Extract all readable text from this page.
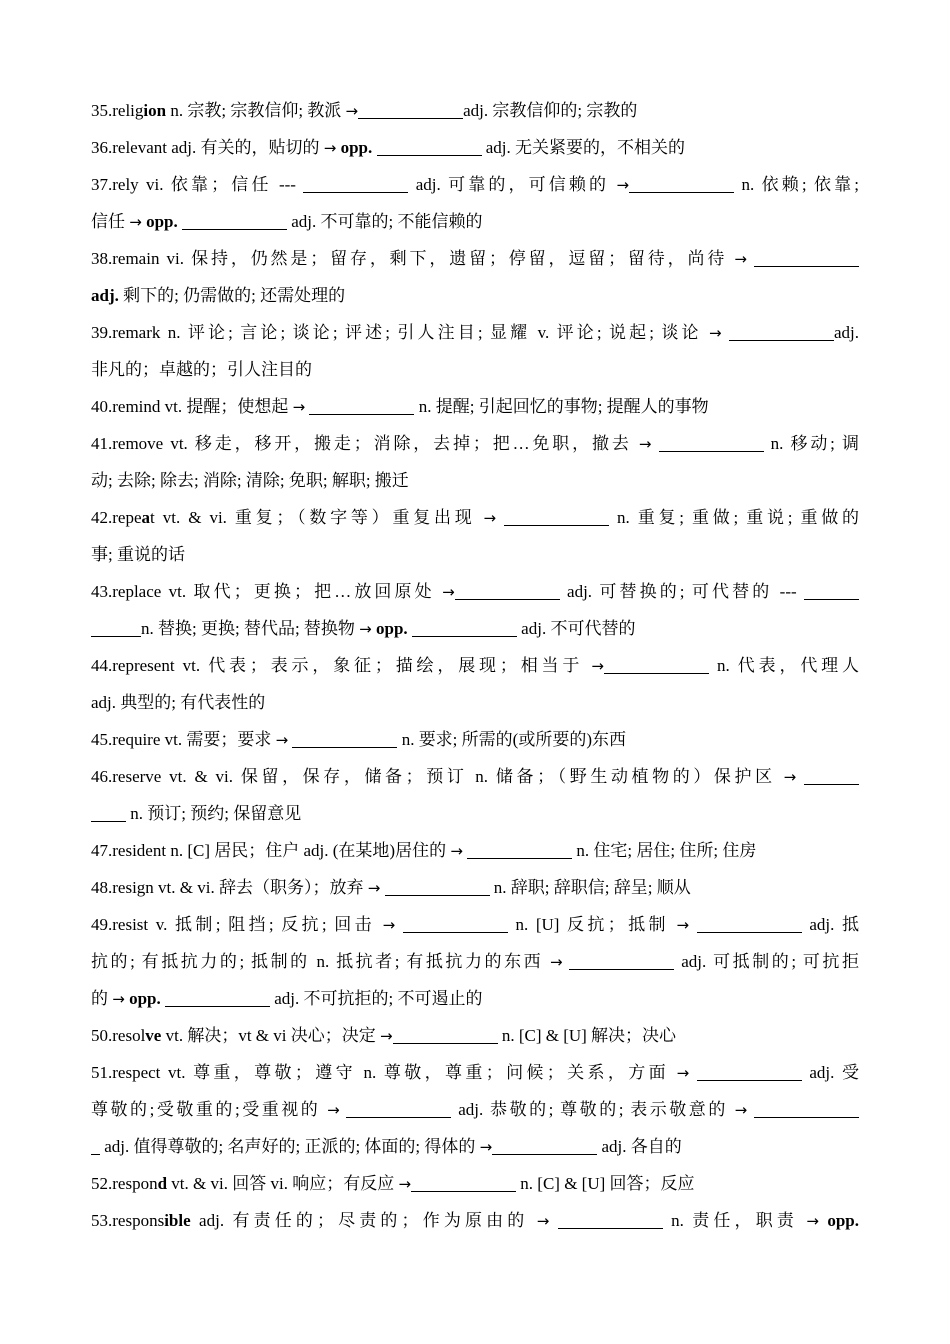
35.religion n. 宗教; 宗教信仰; 教派 →	adj. 宗教信仰的; 宗教的
36.relevant adj. 有关的，贴切的 → opp.	adj. 无关紧要的，不相关的
37.rely vi. 依靠；信任 ---	adj. 可靠的，可信赖的 →	n. 依赖; 依靠;
信任 → opp.	adj. 不可靠的; 不能信赖的
38.remain vi. 保持，仍然是；留存，剩下，遗留；停留，逗留；留待，尚待 →
adj. 剩下的; 仍需做的; 还需处理的
39.remark n. 评论; 言论; 谈论; 评述; 引人注目; 显耀 v. 评论; 说起; 谈论 →	adj.
非凡的；卓越的；引人注目的
40.remind vt. 提醒；使想起 →	n. 提醒; 引起回忆的事物; 提醒人的事物
41.remove vt. 移走，移开，搬走；消除，去掉；把…免职，撤去 →	n. 移动; 调
动; 去除; 除去; 消除; 清除; 免职; 解职; 搬迁
42.repeat vt. & vi. 重复；（数字等）重复出现 →	n. 重复; 重做; 重说; 重做的
事; 重说的话
43.replace vt. 取代；更换；把…放回原处 →	adj. 可替换的; 可代替的 ---
n. 替换; 更换; 替代品; 替换物 → opp.	adj. 不可代替的
44.represent vt. 代表；表示，象征；描绘，展现；相当于 →	n. 代表，代理人
adj. 典型的; 有代表性的
45.require vt. 需要；要求 →	n. 要求; 所需的(或所要的)东西
46.reserve vt. & vi. 保留，保存，储备；预订 n. 储备；（野生动植物的）保护区 →
n. 预订; 预约; 保留意见
47.resident n. [C] 居民；住户 adj. (在某地)居住的 →	n. 住宅; 居住; 住所; 住房
48.resign vt. & vi. 辞去（职务）；放弃 →	n. 辞职; 辞职信; 辞呈; 顺从
49.resist v. 抵制; 阻挡; 反抗; 回击 →	n. [U] 反抗；抵制 →	adj. 抵
抗的; 有抵抗力的; 抵制的 n. 抵抗者; 有抵抗力的东西 →	adj. 可抵制的; 可抗拒
的 → opp.	adj. 不可抗拒的; 不可遏止的
50.resolve vt. 解决；vt & vi 决心；决定 →	n. [C] & [U] 解决；决心
51.respect vt. 尊重，尊敬；遵守 n. 尊敬，尊重；问候；关系，方面 →	adj. 受
尊敬的;受敬重的;受重视的 →	adj. 恭敬的; 尊敬的; 表示敬意的 →
adj. 值得尊敬的; 名声好的; 正派的; 体面的; 得体的 →	adj. 各自的
52.respond vt. & vi. 回答 vi. 响应；有反应 →	n. [C] & [U] 回答；反应
53.responsible adj. 有责任的；尽责的；作为原由的 →	n. 责任，职责 → opp.
